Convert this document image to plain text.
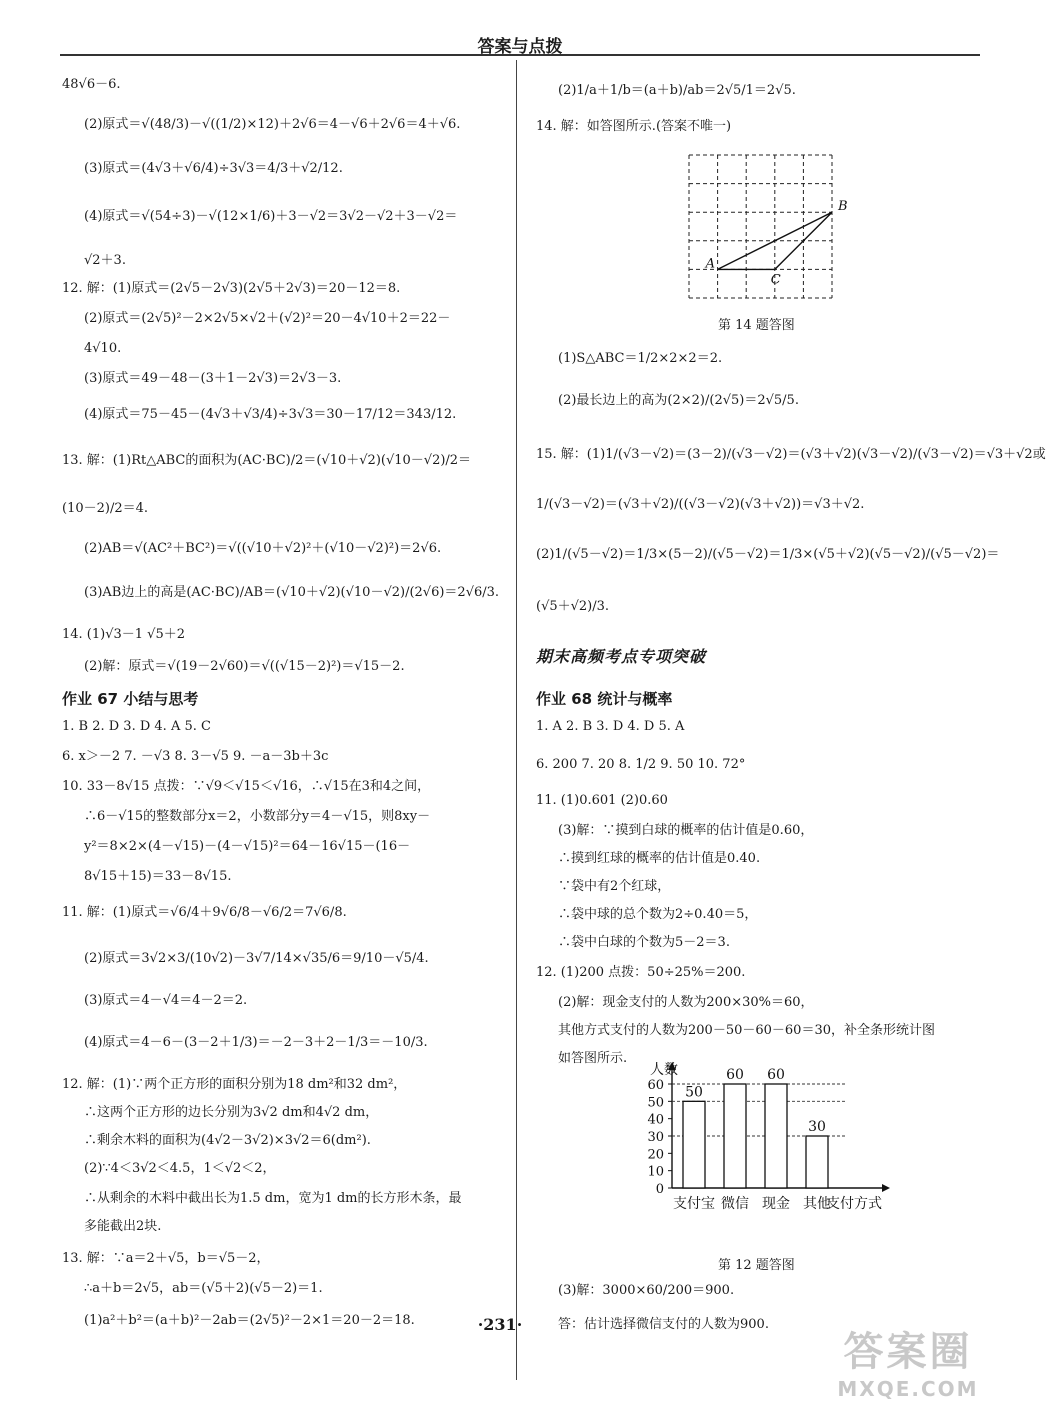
答案与点拨
48√6－6.
(2)原式＝√(48/3)－√((1/2)×12)＋2√6＝4－√6＋2√6＝4＋√6.
(3)原式＝(4√3＋√6/4)÷3√3＝4/3＋√2/12.
(4)原式＝√(54÷3)－√(12×1/6)＋3－√2＝3√2－√2＋3－√2＝
√2＋3.
12. 解：(1)原式＝(2√5－2√3)(2√5＋2√3)＝20－12＝8.
(2)原式＝(2√5)²－2×2√5×√2＋(√2)²＝20－4√10＋2＝22－
4√10.
(3)原式＝49－48－(3＋1－2√3)＝2√3－3.
(4)原式＝75－45－(4√3＋√3/4)÷3√3＝30－17/12＝343/12.
13. 解：(1)Rt△ABC的面积为(AC·BC)/2＝(√10＋√2)(√10－√2)/2＝
(10－2)/2＝4.
(2)AB＝√(AC²＋BC²)＝√((√10＋√2)²＋(√10－√2)²)＝2√6.
(3)AB边上的高是(AC·BC)/AB＝(√10＋√2)(√10－√2)/(2√6)＝2√6/3.
14. (1)√3－1 √5＋2
(2)解：原式＝√(19－2√60)＝√((√15－2)²)＝√15－2.
作业 67 小结与思考
1. B 2. D 3. D 4. A 5. C
6. x＞－2 7. －√3 8. 3－√5 9. －a－3b＋3c
10. 33－8√15 点拨：∵√9＜√15＜√16，∴√15在3和4之间，
∴6－√15的整数部分x＝2，小数部分y＝4－√15，则8xy－
y²＝8×2×(4－√15)－(4－√15)²＝64－16√15－(16－
8√15＋15)＝33－8√15.
11. 解：(1)原式＝√6/4＋9√6/8－√6/2＝7√6/8.
(2)原式＝3√2×3/(10√2)－3√7/14×√35/6＝9/10－√5/4.
(3)原式＝4－√4＝4－2＝2.
(4)原式＝4－6－(3－2＋1/3)＝－2－3＋2－1/3＝－10/3.
12. 解：(1)∵两个正方形的面积分别为18 dm²和32 dm²，
∴这两个正方形的边长分别为3√2 dm和4√2 dm，
∴剩余木料的面积为(4√2－3√2)×3√2＝6(dm²).
(2)∵4＜3√2＜4.5，1＜√2＜2，
∴从剩余的木料中截出长为1.5 dm，宽为1 dm的长方形木条，最
多能截出2块.
13. 解：∵a＝2＋√5，b＝√5－2，
∴a＋b＝2√5，ab＝(√5＋2)(√5－2)＝1.
(1)a²＋b²＝(a＋b)²－2ab＝(2√5)²－2×1＝20－2＝18.
A
B
C
第 14 题答图
0
10
20
30
40
50
60
人数
50
支付宝
60
微信
60
现金
30
其他
支付方式
第 12 题答图
(2)1/a＋1/b＝(a＋b)/ab＝2√5/1＝2√5.
14. 解：如答图所示.(答案不唯一)
(1)S△ABC＝1/2×2×2＝2.
(2)最长边上的高为(2×2)/(2√5)＝2√5/5.
15. 解：(1)1/(√3－√2)＝(3－2)/(√3－√2)＝(√3＋√2)(√3－√2)/(√3－√2)＝√3＋√2或
1/(√3－√2)＝(√3＋√2)/((√3－√2)(√3＋√2))＝√3＋√2.
(2)1/(√5－√2)＝1/3×(5－2)/(√5－√2)＝1/3×(√5＋√2)(√5－√2)/(√5－√2)＝
(√5＋√2)/3.
期末高频考点专项突破
作业 68 统计与概率
1. A 2. B 3. D 4. D 5. A
6. 200 7. 20 8. 1/2 9. 50 10. 72°
11. (1)0.601 (2)0.60
(3)解：∵摸到白球的概率的估计值是0.60，
∴摸到红球的概率的估计值是0.40.
∵袋中有2个红球，
∴袋中球的总个数为2÷0.40＝5，
∴袋中白球的个数为5－2＝3.
12. (1)200 点拨：50÷25%＝200.
(2)解：现金支付的人数为200×30%＝60，
其他方式支付的人数为200－50－60－60＝30，补全条形统计图
如答图所示.
(3)解：3000×60/200＝900.
答：估计选择微信支付的人数为900.
·231·
答案圈
MXQE.COM
